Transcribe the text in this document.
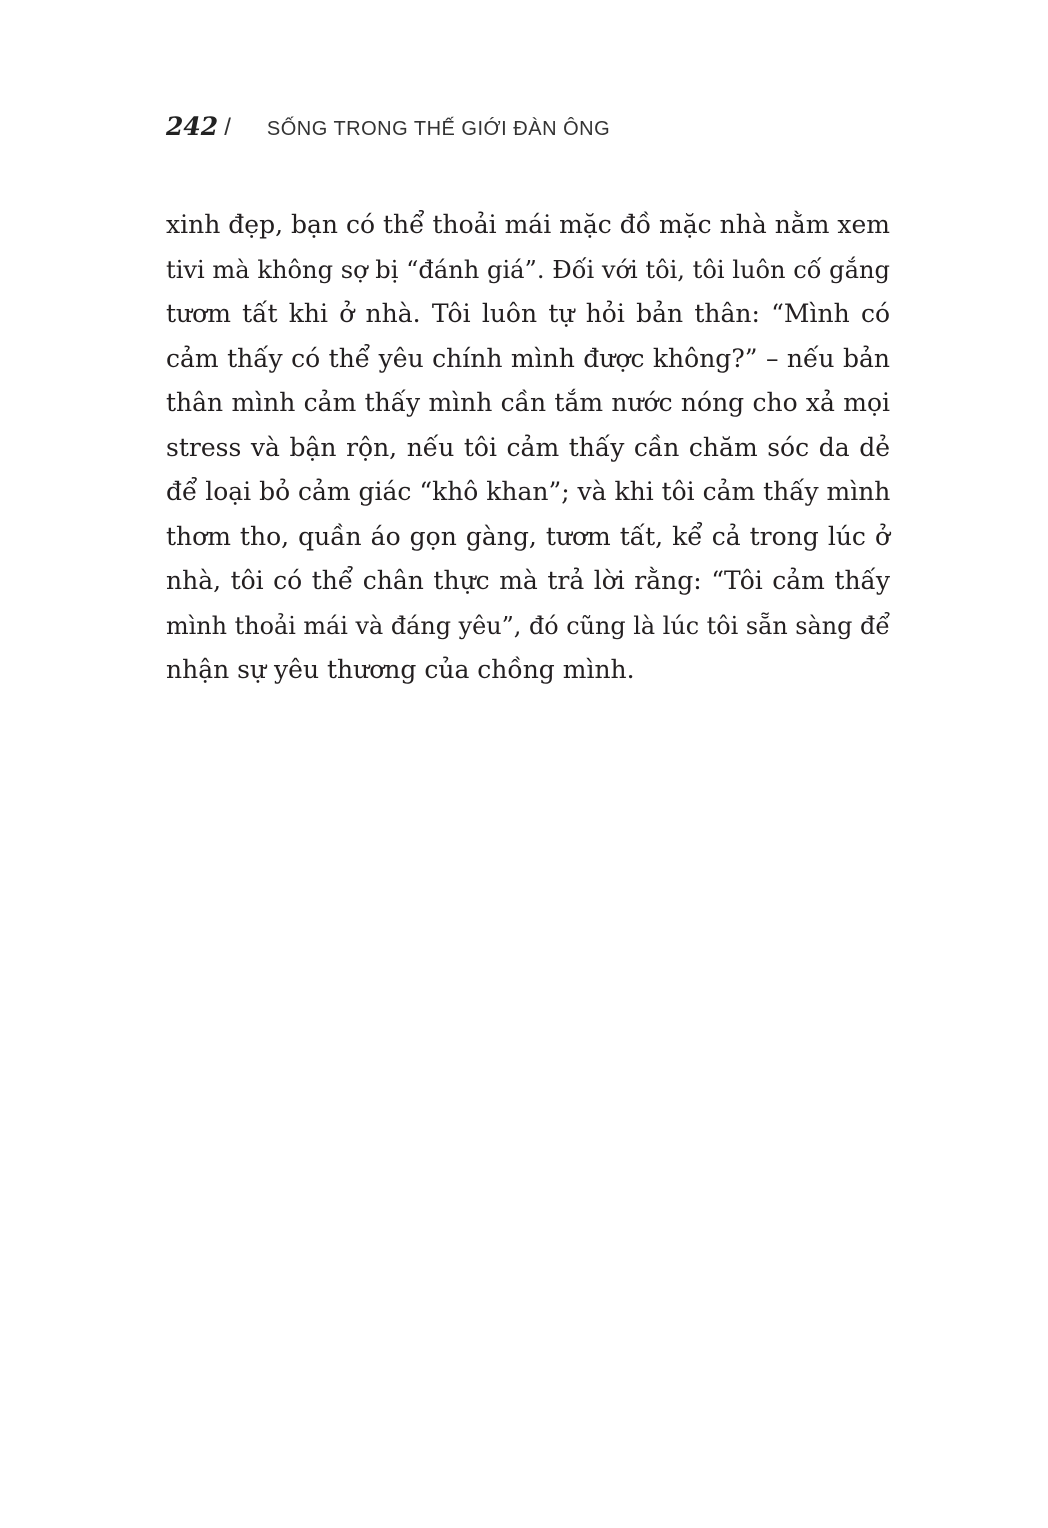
242 / SỐNG TRONG THẾ GIỚI ĐÀN ÔNG
xinh đẹp, bạn có thể thoải mái mặc đồ mặc nhà nằm xem
tivi mà không sợ bị “đánh giá”. Đối với tôi, tôi luôn cố gắng
tươm tất khi ở nhà. Tôi luôn tự hỏi bản thân: “Mình có
cảm thấy có thể yêu chính mình được không?” – nếu bản
thân mình cảm thấy mình cần tắm nước nóng cho xả mọi
stress và bận rộn, nếu tôi cảm thấy cần chăm sóc da dẻ
để loại bỏ cảm giác “khô khan”; và khi tôi cảm thấy mình
thơm tho, quần áo gọn gàng, tươm tất, kể cả trong lúc ở
nhà, tôi có thể chân thực mà trả lời rằng: “Tôi cảm thấy
mình thoải mái và đáng yêu”, đó cũng là lúc tôi sẵn sàng để
nhận sự yêu thương của chồng mình.
